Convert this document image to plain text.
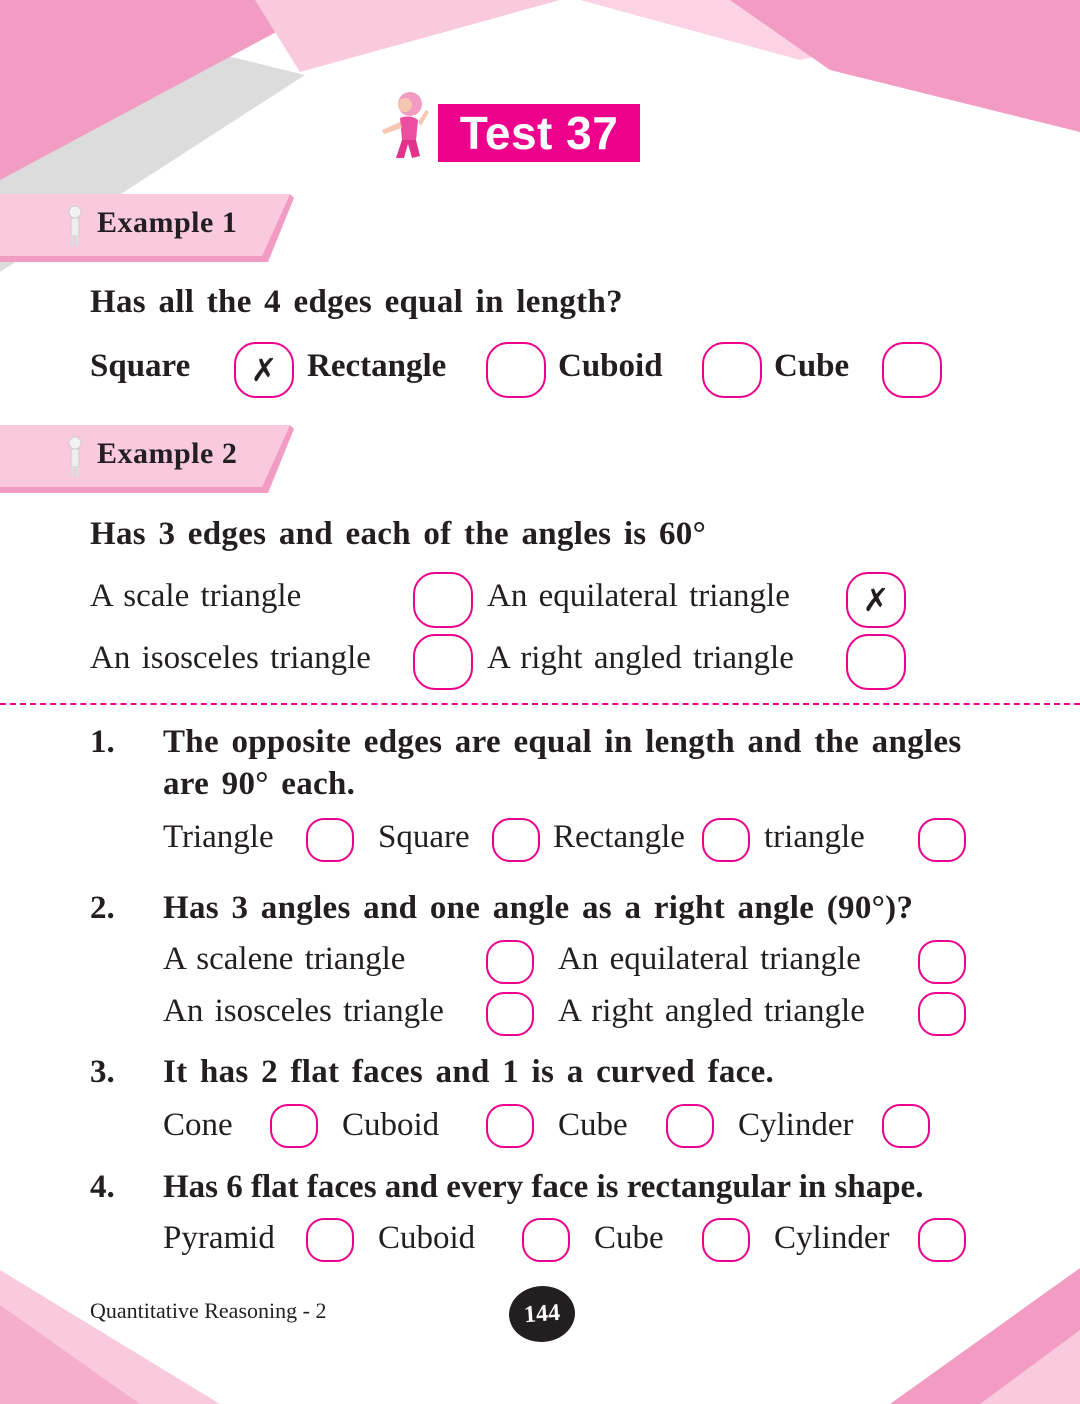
Test 37
Example 1
Has all the 4 edges equal in length?
Square ✗ Rectangle	Cuboid	Cube
Example 2
Has 3 edges and each of the angles is 60°
A scale triangle	An equilateral triangle ✗
An isosceles triangle	A right angled triangle
1. The opposite edges are equal in length and the angles
are 90° each.
Triangle	Square	Rectangle triangle
2. Has 3 angles and one angle as a right angle (90°)?
A scalene triangle	An equilateral triangle
An isosceles triangle	A right angled triangle
3. It has 2 flat faces and 1 is a curved face.
Cone	Cuboid	Cube	Cylinder
4. Has 6 flat faces and every face is rectangular in shape.
Pyramid	Cuboid	Cube	Cylinder
Quantitative Reasoning - 2	144
